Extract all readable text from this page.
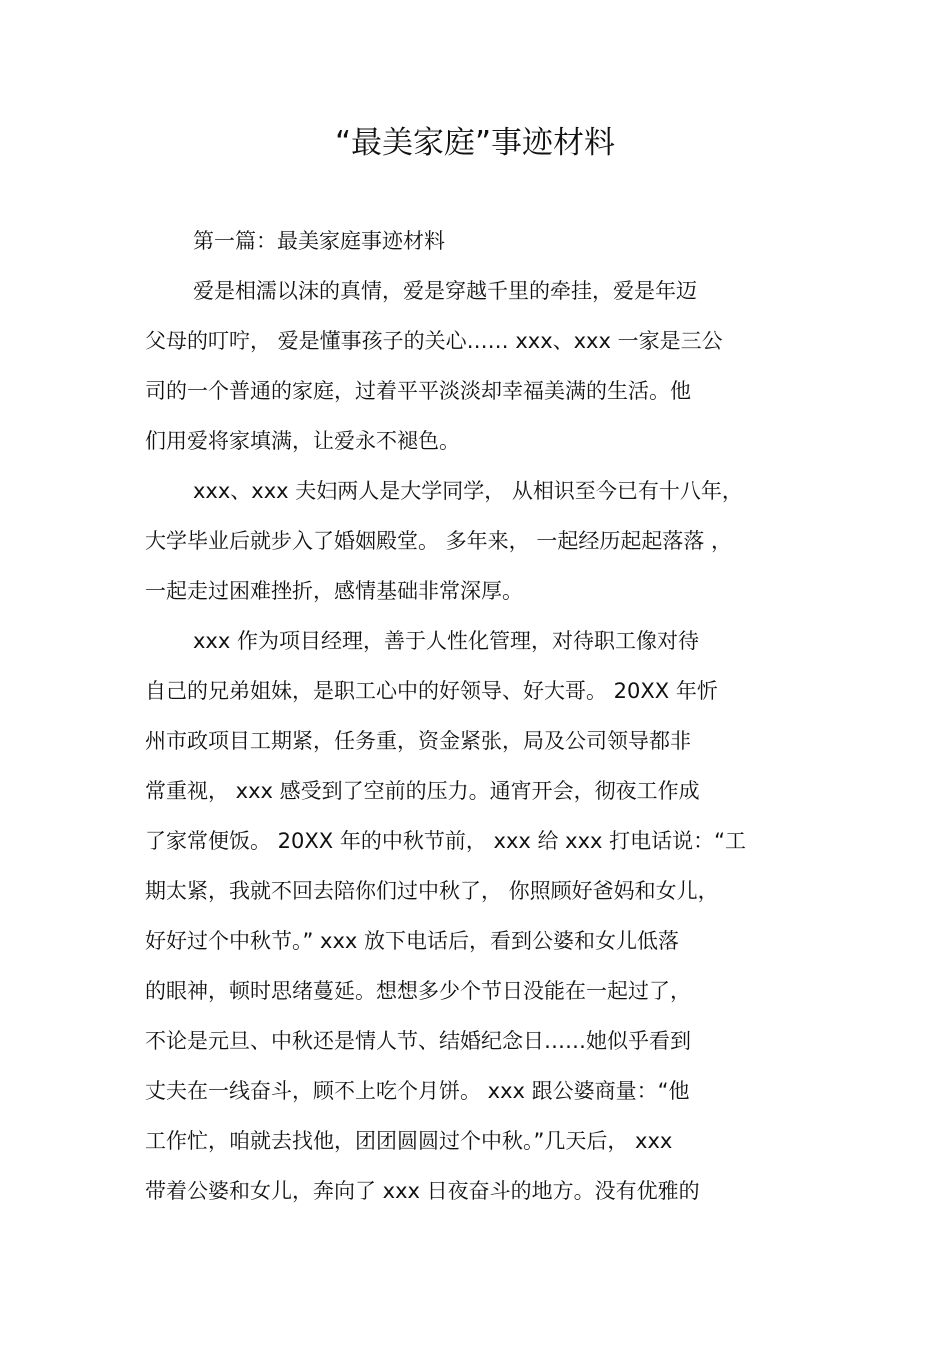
“最美家庭”事迹材料
第一篇：最美家庭事迹材料
爱是相濡以沫的真情，爱是穿越千里的牵挂，爱是年迈
父母的叮咛， 爱是懂事孩子的关心…… xxx、xxx 一家是三公
司的一个普通的家庭，过着平平淡淡却幸福美满的生活。他
们用爱将家填满，让爱永不褪色。
xxx、xxx 夫妇两人是大学同学， 从相识至今已有十八年，
大学毕业后就步入了婚姻殿堂。 多年来， 一起经历起起落落 ，
一起走过困难挫折，感情基础非常深厚。
xxx 作为项目经理，善于人性化管理，对待职工像对待
自己的兄弟姐妹，是职工心中的好领导、好大哥。 20XX 年忻
州市政项目工期紧，任务重，资金紧张，局及公司领导都非
常重视， xxx 感受到了空前的压力。通宵开会，彻夜工作成
了家常便饭。 20XX 年的中秋节前， xxx 给 xxx 打电话说：“工
期太紧，我就不回去陪你们过中秋了， 你照顾好爸妈和女儿，
好好过个中秋节。” xxx 放下电话后，看到公婆和女儿低落
的眼神，顿时思绪蔓延。想想多少个节日没能在一起过了，
不论是元旦、中秋还是情人节、结婚纪念日……她似乎看到
丈夫在一线奋斗，顾不上吃个月饼。 xxx 跟公婆商量：“他
工作忙，咱就去找他，团团圆圆过个中秋。”几天后， xxx
带着公婆和女儿，奔向了 xxx 日夜奋斗的地方。没有优雅的
